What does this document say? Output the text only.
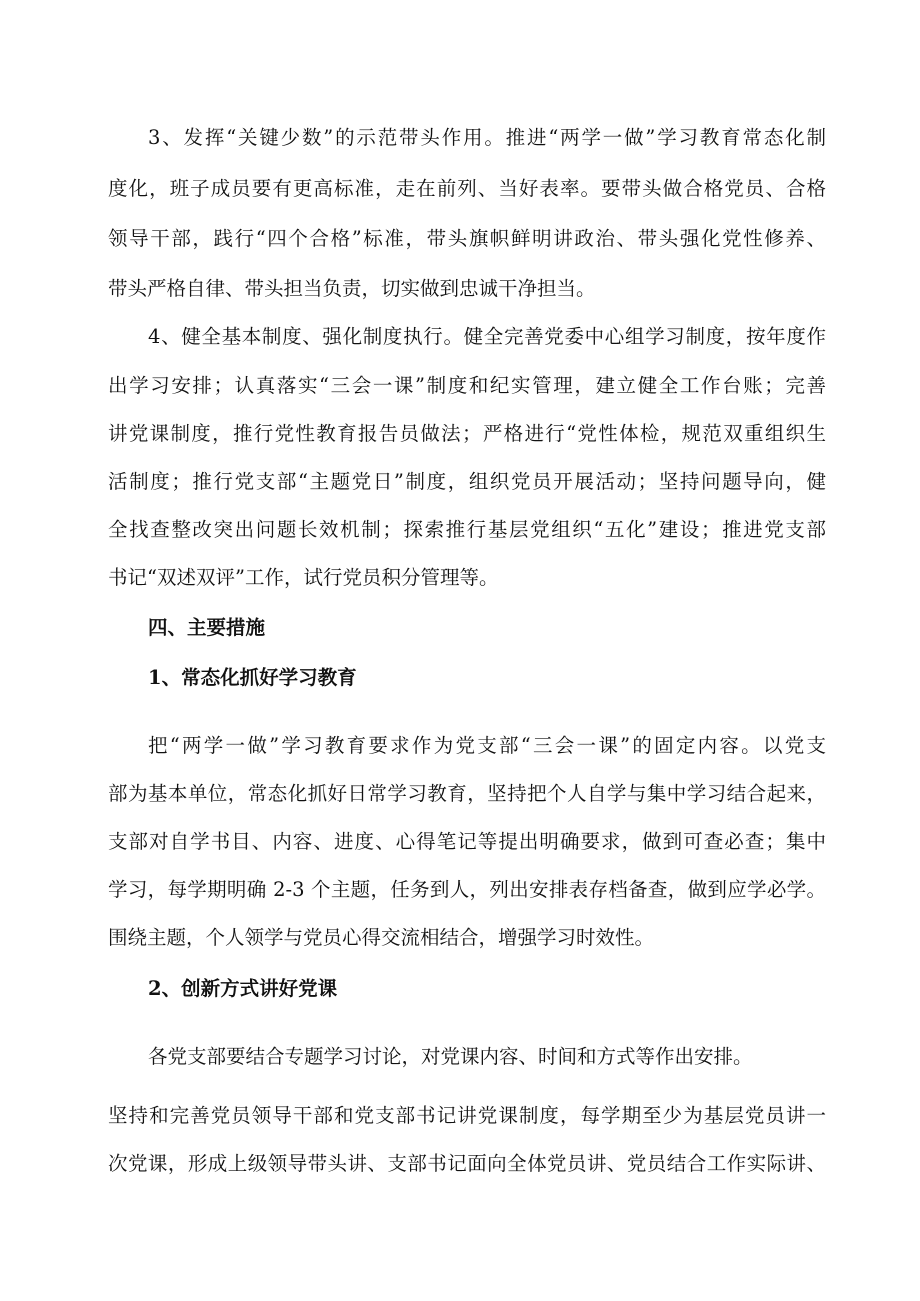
3、发挥“关键少数”的示范带头作用。推进“两学一做”学习教育常态化制
度化，班子成员要有更高标准，走在前列、当好表率。要带头做合格党员、合格
领导干部，践行“四个合格”标准，带头旗帜鲜明讲政治、带头强化党性修养、
带头严格自律、带头担当负责，切实做到忠诚干净担当。
4、健全基本制度、强化制度执行。健全完善党委中心组学习制度，按年度作
出学习安排；认真落实“三会一课”制度和纪实管理，建立健全工作台账；完善
讲党课制度，推行党性教育报告员做法；严格进行“党性体检，规范双重组织生
活制度；推行党支部“主题党日”制度，组织党员开展活动；坚持问题导向，健
全找查整改突出问题长效机制；探索推行基层党组织“五化”建设；推进党支部
书记“双述双评”工作，试行党员积分管理等。
四、主要措施
1、常态化抓好学习教育
把“两学一做”学习教育要求作为党支部“三会一课”的固定内容。以党支
部为基本单位，常态化抓好日常学习教育，坚持把个人自学与集中学习结合起来，
支部对自学书目、内容、进度、心得笔记等提出明确要求，做到可查必查；集中
学习，每学期明确 2-3 个主题，任务到人，列出安排表存档备查，做到应学必学。
围绕主题，个人领学与党员心得交流相结合，增强学习时效性。
2、创新方式讲好党课
各党支部要结合专题学习讨论，对党课内容、时间和方式等作出安排。
坚持和完善党员领导干部和党支部书记讲党课制度，每学期至少为基层党员讲一
次党课，形成上级领导带头讲、支部书记面向全体党员讲、党员结合工作实际讲、
